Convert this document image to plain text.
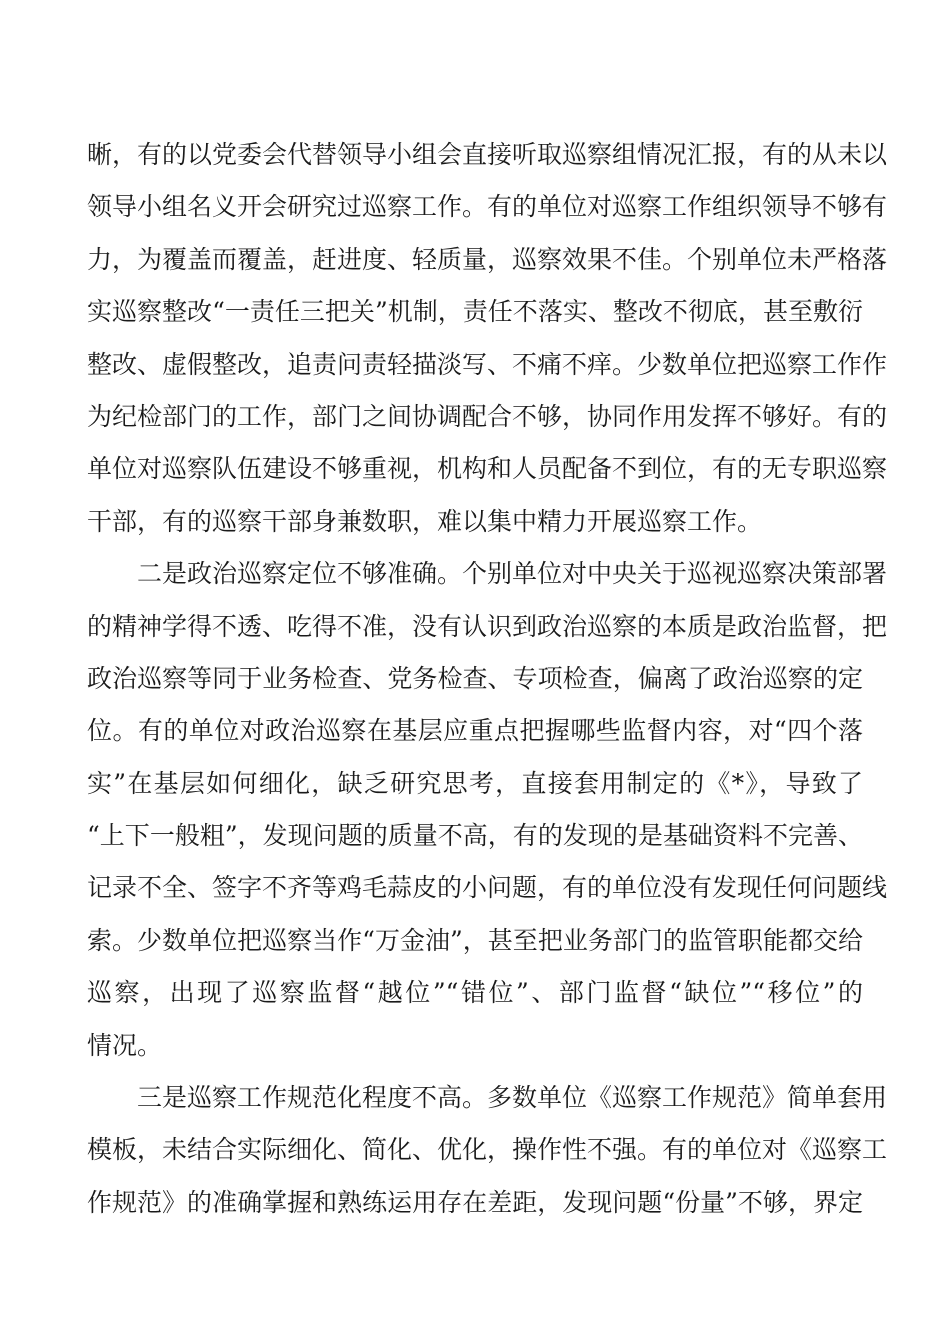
晰，有的以党委会代替领导小组会直接听取巡察组情况汇报，有的从未以
领导小组名义开会研究过巡察工作。有的单位对巡察工作组织领导不够有
力，为覆盖而覆盖，赶进度、轻质量，巡察效果不佳。个别单位未严格落
实巡察整改“一责任三把关”机制，责任不落实、整改不彻底，甚至敷衍
整改、虚假整改，追责问责轻描淡写、不痛不痒。少数单位把巡察工作作
为纪检部门的工作，部门之间协调配合不够，协同作用发挥不够好。有的
单位对巡察队伍建设不够重视，机构和人员配备不到位，有的无专职巡察
干部，有的巡察干部身兼数职，难以集中精力开展巡察工作。
二是政治巡察定位不够准确。个别单位对中央关于巡视巡察决策部署
的精神学得不透、吃得不准，没有认识到政治巡察的本质是政治监督，把
政治巡察等同于业务检查、党务检查、专项检查，偏离了政治巡察的定
位。有的单位对政治巡察在基层应重点把握哪些监督内容，对“四个落
实”在基层如何细化，缺乏研究思考，直接套用制定的《*》，导致了
“上下一般粗”，发现问题的质量不高，有的发现的是基础资料不完善、
记录不全、签字不齐等鸡毛蒜皮的小问题，有的单位没有发现任何问题线
索。少数单位把巡察当作“万金油”，甚至把业务部门的监管职能都交给
巡察，出现了巡察监督“越位”“错位”、部门监督“缺位”“移位”的
情况。
三是巡察工作规范化程度不高。多数单位《巡察工作规范》简单套用
模板，未结合实际细化、简化、优化，操作性不强。有的单位对《巡察工
作规范》的准确掌握和熟练运用存在差距，发现问题“份量”不够，界定
